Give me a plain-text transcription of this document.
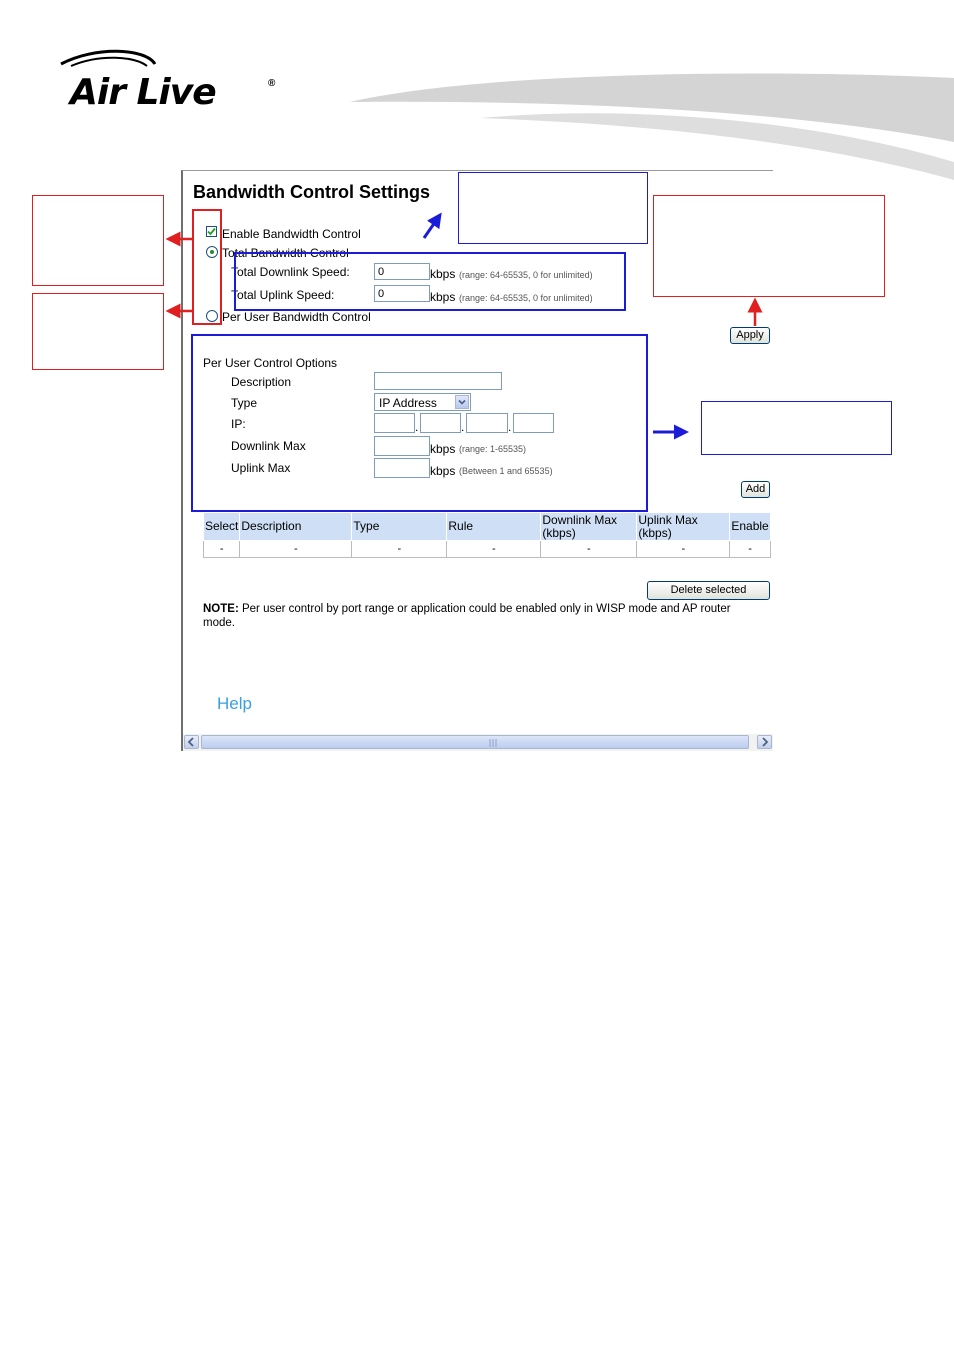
Air Live	®
Bandwidth Control Settings
Enable Bandwidth Control
Total Bandwidth Control
Total Downlink Speed:
0	kbps (range: 64-65535, 0 for unlimited)
Total Uplink Speed:
0	kbps (range: 64-65535, 0 for unlimited)
Per User Bandwidth Control
Apply
Per User Control Options
Description
Type	IP Address
IP:	.	.	.
Downlink Max	kbps (range: 1-65535)
Uplink Max	kbps (Between 1 and 65535)
Add
Select	Description	Type	Rule	Downlink Max (kbps)	Uplink Max (kbps)	Enable
-	-	-	-	-	-	-
Delete selected
NOTE: Per user control by port range or application could be enabled only in WISP mode and AP router mode.
Help
